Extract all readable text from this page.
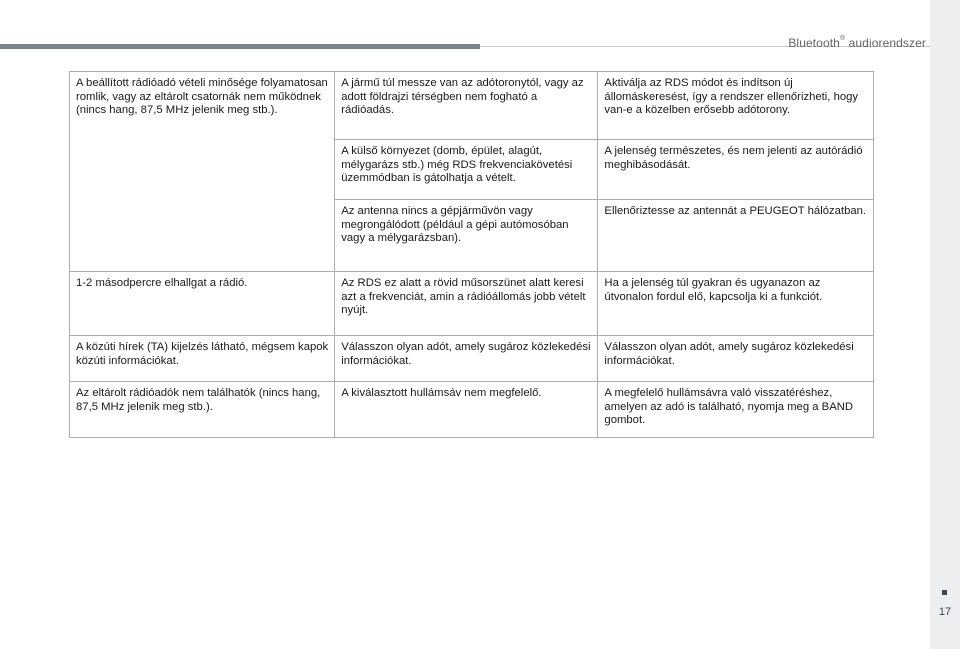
Bluetooth® audiorendszer
17
A beállított rádióadó vételi minősége folyamatosan romlik, vagy az eltárolt csatornák nem működnek (nincs hang, 87,5 MHz jelenik meg stb.).	A jármű túl messze van az adótoronytól, vagy az adott földrajzi térségben nem fogható a rádióadás.	Aktiválja az RDS módot és indítson új állomáskeresést, így a rendszer ellenőrizheti, hogy van-e a közelben erősebb adótorony.
	A külső környezet (domb, épület, alagút, mélygarázs stb.) még RDS frekvenciakövetési üzemmódban is gátolhatja a vételt.	A jelenség természetes, és nem jelenti az autórádió meghibásodását.
	Az antenna nincs a gépjárművön vagy megrongálódott (például a gépi autómosóban vagy a mélygarázsban).	Ellenőriztesse az antennát a PEUGEOT hálózatban.
1-2 másodpercre elhallgat a rádió.	Az RDS ez alatt a rövid műsorszünet alatt keresi azt a frekvenciát, amin a rádióállomás jobb vételt nyújt.	Ha a jelenség túl gyakran és ugyanazon az útvonalon fordul elő, kapcsolja ki a funkciót.
A közúti hírek (TA) kijelzés látható, mégsem kapok közúti információkat.	Válasszon olyan adót, amely sugároz közlekedési információkat.	Válasszon olyan adót, amely sugároz közlekedési információkat.
Az eltárolt rádióadók nem találhatók (nincs hang, 87,5 MHz jelenik meg stb.).	A kiválasztott hullámsáv nem megfelelő.	A megfelelő hullámsávra való visszatéréshez, amelyen az adó is található, nyomja meg a BAND gombot.
